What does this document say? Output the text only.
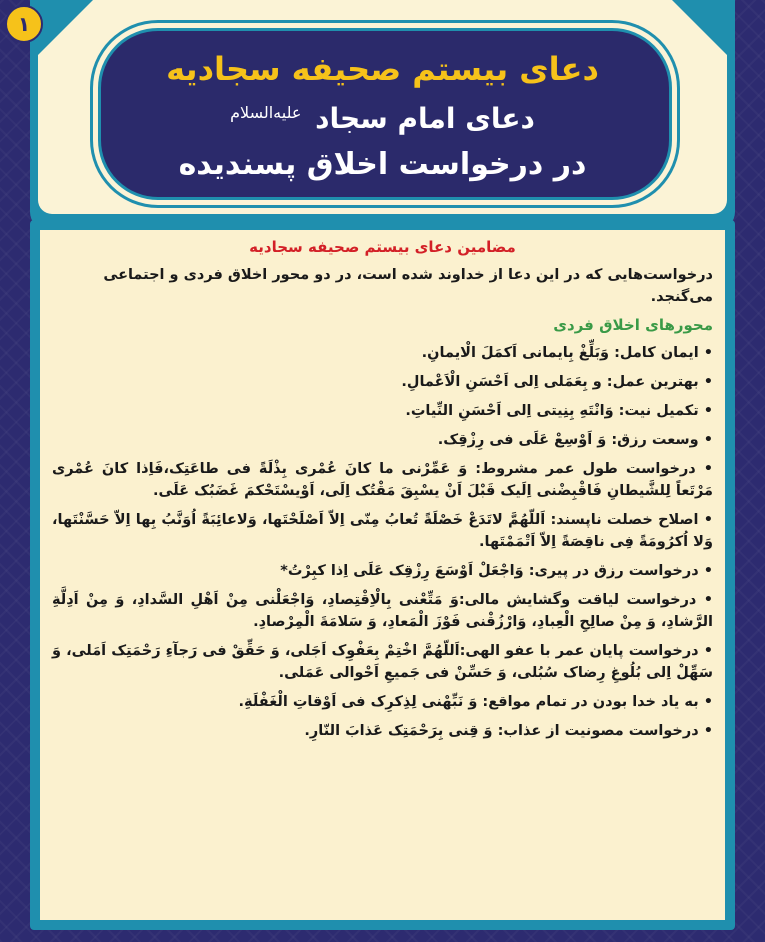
دعای بیستم صحیفه سجادیه
دعای امام سجاد $^{علیه‌السلام}$
در درخواست اخلاق پسندیده
۱
مضامین دعای بیستم صحیفه سجادیه
درخواست‌هایی که در این دعا از خداوند شده است، در دو محور اخلاق فردی و اجتماعی می‌گنجد.
محورهای اخلاق فردی
• ایمان کامل: وَبَلِّغْ بِایمانی اَکمَلَ الْایمانِ.
• بهترین عمل: و بِعَمَلی اِلی اَحْسَنِ الْاَعْمالِ.
• تکمیل نیت: وَانْتَهِ بِنِیتی اِلی اَحْسَنِ النِّیاتِ.
• وسعت رزق: وَ اَوْسِعْ عَلَی فی رِزْقِک.
• درخواست طول عمر مشروط: وَ عَمِّرْنی ما کانَ عُمْری بِذْلَةً فی طاعَتِک،فَاِذا کانَ عُمْری مَرْتَعاً لِلشَّیطانِ فَاقْبِضْنی اِلَیک قَبْلَ اَنْ یسْبِقَ مَقْتُک اِلَی، اَوْیسْتَحْکمَ غَضَبُک عَلَی.
• اصلاح خصلت ناپسند: اَللّهُمَّ لاتَدَعْ خَصْلَةً تُعابُ مِنّی اِلاّ اَصْلَحْتَها، وَلاعائِبَةً اُوَنَّبُ بِها اِلاّ حَسَّنْتَها، وَلا اُکرُومَةً فِی ناقِصَةً اِلاّ اَتْمَمْتَها.
• درخواست رزق در پیری: وَاجْعَلْ اَوْسَعَ رِزْقِک عَلَی اِذا کبِرْتُ*
• درخواست لیاقت وگشایش مالی:وَ مَتِّعْنی بِالْاِقْتِصادِ، وَاجْعَلْنی مِنْ اَهْلِ السَّدادِ، وَ مِنْ اَدِلَّةِ الرَّشادِ، وَ مِنْ صالِحِ الْعِبادِ، وَارْزُقْنی فَوْزَ الْمَعادِ، وَ سَلامَةَ الْمِرْصادِ.
• درخواست پایان عمر با عفو الهی:اَللّهُمَّ اخْتِمْ بِعَفْوِک اَجَلی، وَ حَقِّقْ فی رَجآءِ رَحْمَتِک اَمَلی، وَ سَهِّلْ اِلی بُلُوغِ رِضاک سُبُلی، وَ حَسِّنْ فی جَمیعِ اَحْوالی عَمَلی.
• به یاد خدا بودن در تمام مواقع: وَ نَبِّهْنی لِذِکرِک فی اَوْقاتِ الْغَفْلَةِ.
• درخواست مصونیت از عذاب: وَ قِنی بِرَحْمَتِک عَذابَ النّارِ.
